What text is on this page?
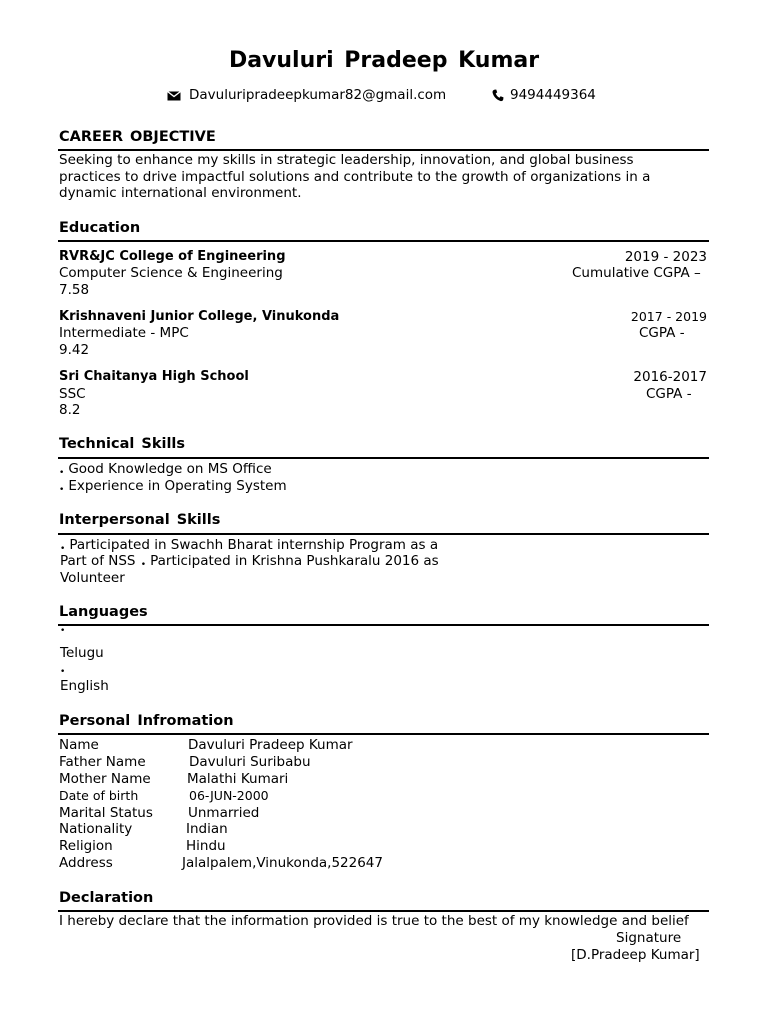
Davuluri Pradeep Kumar
Davuluripradeepkumar82@gmail.com	9494449364
CAREER OBJECTIVE
Seeking to enhance my skills in strategic leadership, innovation, and global business
practices to drive impactful solutions and contribute to the growth of organizations in a
dynamic international environment.
Education
RVR&JC College of Engineering	2019 - 2023
Computer Science & Engineering	Cumulative CGPA –
7.58
Krishnaveni Junior College, Vinukonda	2017 - 2019
Intermediate - MPC	CGPA -
9.42
Sri Chaitanya High School	2016-2017
SSC	CGPA -
8.2
Technical Skills
• Good Knowledge on MS Office
• Experience in Operating System
Interpersonal Skills
• Participated in Swachh Bharat internship Program as a
Part of NSS • Participated in Krishna Pushkaralu 2016 as
Volunteer
Languages
•
Telugu
•
English
Personal Infromation
Name	Davuluri Pradeep Kumar
Father Name	Davuluri Suribabu
Mother Name	Malathi Kumari
Date of birth	06-JUN-2000
Marital Status	Unmarried
Nationality	Indian
Religion	Hindu
Address	Jalalpalem,Vinukonda,522647
Declaration
I hereby declare that the information provided is true to the best of my knowledge and belief
Signature
[D.Pradeep Kumar]
